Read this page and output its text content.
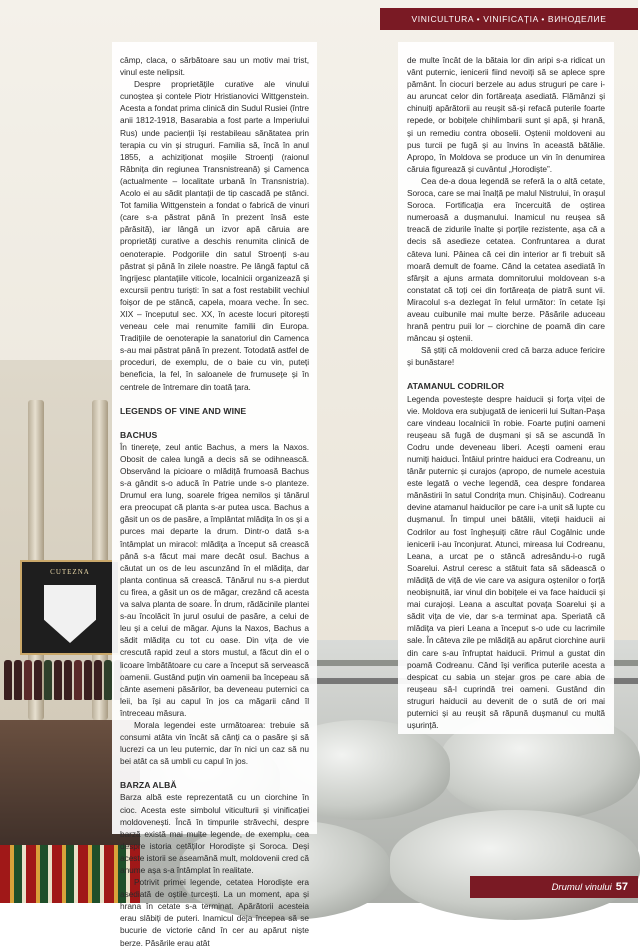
CUTEZNA
VINICULTURA • VINIFICAȚIA • ВИНОДЕЛИЕ

câmp, claca, o sărbătoare sau un motiv mai trist, vinul este nelipsit.

Despre proprietățile curative ale vinului cunoștea și contele Piotr Hristianovici Wittgenstein. Acesta a fondat prima clinică din Sudul Rusiei (între anii 1812-1918, Basarabia a fost parte a Imperiului Rus) unde pacienții își restabileau sănătatea prin terapia cu vin și struguri. Familia să, încă în anul 1855, a achiziționat moșiile Stroenți (raionul Râbnița din regiunea Transnistreană) și Camenca (actualmente – localitate urbană în Transnistria). Acolo ei au sădit plantații de tip cascadă pe stânci. Tot familia Wittgenstein a fondat o fabrică de vinuri (care s-a păstrat până în prezent însă este părăsită), iar lângă un izvor apă căruia are proprietăți curative a deschis renumita clinică de oenoterapie. Podgoriile din satul Stroenți s-au păstrat și până în zilele noastre. Pe lângă faptul că îngrijesc plantațiile viticole, localnicii organizează și excursii pentru turiști: în sat a fost restabilit vechiul foișor de pe stâncă, capela, moara veche. În sec. XIX – începutul sec. XX, în aceste locuri pitorești veneau cele mai renumite familii din Europa. Tradițiile de oenoterapie la sanatoriul din Camenca s-au mai păstrat până în prezent. Totodată astfel de proceduri, de exemplu, de o baie cu vin, puteți beneficia, la fel, în saloanele de frumusețe și în centrele de întremare din toată țara.

LEGENDS OF VINE AND WINE
BACHUS

În tinerețe, zeul antic Bachus, a mers la Naxos. Obosit de calea lungă a decis să se odihnească. Observând la picioare o mlădiță frumoasă Bachus s-a gândit s-o aducă în Patrie unde s-o planteze. Drumul era lung, soarele frigea nemilos și tânărul era preocupat că planta s-ar putea usca. Bachus a găsit un os de pasăre, a împlântat mlădița în os și a purces mai departe la drum. Dintr-o dată s-a întâmplat un miracol: mlădița a început să crească până s-a făcut mai mare decât osul. Bachus a căutat un os de leu ascunzând în el mlădița, dar planta continua să crească. Tânărul nu s-a pierdut cu firea, a găsit un os de măgar, crezând că acesta va salva planta de soare. În drum, rădăcinile plantei s-au încolăcit în jurul osului de pasăre, a celui de leu și a celui de măgar. Ajuns la Naxos, Bachus a sădit mlădița cu tot cu oase. Din vița de vie crescută rapid zeul a stors mustul, a făcut din el o licoare îmbătătoare cu care a început să servească oamenii. Gustând puțin vin oamenii ba începeau să cânte asemeni păsărilor, ba deveneau puternici ca leii, ba își au capul în jos ca măgarii când îl întreceau măsura.

Morala legendei este următoarea: trebuie să consumi atâta vin încât să cânți ca o pasăre și să lucrezi ca un leu puternic, dar în nici un caz să nu bei atât ca să umbli cu capul în jos.

BARZA ALBĂ

Barza albă este reprezentată cu un ciorchine în cioc. Acesta este simbolul viticulturii și vinificației moldovenești. Încă în timpurile străvechi, despre barză există mai multe legende, de exemplu, cea despre istoria cetăților Horodiște și Soroca. Deși aceste istorii se aseamănă mult, moldovenii cred că anume așa s-a întâmplat în realitate.

Potrivit primei legende, cetatea Horodiște era asediată de oștile turcești. La un moment, apa și hrana în cetate s-a terminat. Apărătorii acesteia erau slăbiți de puteri. Inamicul deja începea să se bucurie de victorie când în cer au apărut niște berze. Păsările erau atât

de multe încât de la bătaia lor din aripi s-a ridicat un vânt puternic, ienicerii fiind nevoiți să se aplece spre pământ. În ciocuri berzele au adus struguri pe care i-au aruncat celor din fortăreața asediată. Flămânzi și chinuiți apărătorii au reușit să-și refacă puterile foarte repede, or bobițele chihlimbarii sunt și apă, și hrană, și un remediu contra oboselii. Oștenii moldoveni au pus turcii pe fugă și au învins în această bătălie. Apropo, în Moldova se produce un vin în denumirea căruia figurează și cuvântul „Horodiște”.

Cea de-a doua legendă se referă la o altă cetate, Soroca, care se mai înalță pe malul Nistrului, în orașul Soroca. Fortificația era încercuită de oștirea numeroasă a dușmanului. Inamicul nu reușea să treacă de zidurile înalte și porțile rezistente, așa că a decis să asedieze cetatea. Confruntarea a durat câteva luni. Pâinea că cei din interior ar fi trebuit să moară demult de foame. Când la cetatea asediată în sfârșit a ajuns armata domnitorului moldovean s-a constatat că toți cei din fortăreața de piatră sunt vii. Miracolul s-a dezlegat în felul următor: în cetate își aveau cuibunile mai multe berze. Păsările aduceau hrană pentru puii lor – ciorchine de poamă din care mâncau și oștenii.

Să știți că moldovenii cred că barza aduce fericire și bunăstare!

ATAMANUL CODRILOR

Legenda povestește despre haiducii și forța viței de vie. Moldova era subjugată de ienicerii lui Sultan-Pașa care vindeau localnicii în robie. Foarte puțini oameni reușeau să fugă de dușmani și să se ascundă în Codru unde deveneau liberi. Acești oameni erau numiți haiduci. Întâiul printre haiduci era Codreanu, un tânăr puternic și curajos (apropo, de numele acestuia este legată o veche legendă, cea despre fondarea mănăstirii în satul Condrița mun. Chișinău). Codreanu devine atamanul haiducilor pe care i-a unit să lupte cu dușmanul. În timpul unei bătălii, viteții haiducii ai Codrilor au fost îngheșuiți către râul Cogâlnic unde ienicerii i-au înconjurat. Atunci, mireasa lui Codreanu, Leana, a urcat pe o stâncă adresându-i-o rugă Soarelui. Astrul ceresc a stătuit fata să sădească o mlădiță de viță de vie care va asigura oștenilor o forță neobișnuită, iar vinul din bobițele ei va face haiducii și mai curajoși. Leana a ascultat povața Soarelui și a sădit vița de vie, dar s-a terminat apa. Speriată că mlădița va pieri Leana a început s-o ude cu lacrimile sale. În câteva zile pe mlădiță au apărut ciorchine aurii din care s-au înfruptat haiducii. Primul a gustat din poamă Codreanu. Când își verifica puterile acesta a despicat cu sabia un stejar gros pe care abia de reușeau să-l cuprindă trei oameni. Gustând din struguri haiducii au devenit de o sută de ori mai puternici și au reușit să răpună dușmanul cu multă ușurință.

Drumul vinului 57
